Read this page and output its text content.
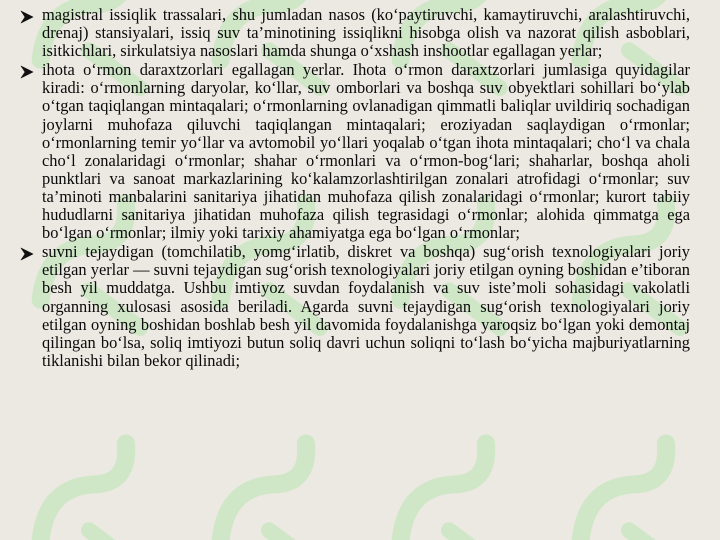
magistral issiqlik trassalari, shu jumladan nasos (ko‘paytiruvchi, kamaytiruvchi, aralashtiruvchi, drenaj) stansiyalari, issiq suv ta’minotining issiqlikni hisobga olish va nazorat qilish asboblari, isitkichlari, sirkulatsiya nasoslari hamda shunga o‘xshash inshootlar egallagan yerlar;
ihota o‘rmon daraxtzorlari egallagan yerlar. Ihota o‘rmon daraxtzorlari jumlasiga quyidagilar kiradi: o‘rmonlarning daryolar, ko‘llar, suv omborlari va boshqa suv obyektlari sohillari bo‘ylab o‘tgan taqiqlangan mintaqalari; o‘rmonlarning ovlanadigan qimmatli baliqlar uvildiriq sochadigan joylarni muhofaza qiluvchi taqiqlangan mintaqalari; eroziyadan saqlaydigan o‘rmonlar; o‘rmonlarning temir yo‘llar va avtomobil yo‘llari yoqalab o‘tgan ihota mintaqalari; cho‘l va chala cho‘l zonalaridagi o‘rmonlar; shahar o‘rmonlari va o‘rmon-bog‘lari; shaharlar, boshqa aholi punktlari va sanoat markazlarining ko‘kalamzorlashtirilgan zonalari atrofidagi o‘rmonlar; suv ta’minoti manbalarini sanitariya jihatidan muhofaza qilish zonalaridagi o‘rmonlar; kurort tabiiy hududlarni sanitariya jihatidan muhofaza qilish tegrasidagi o‘rmonlar; alohida qimmatga ega bo‘lgan o‘rmonlar; ilmiy yoki tarixiy ahamiyatga ega bo‘lgan o‘rmonlar;
suvni tejaydigan (tomchilatib, yomg‘irlatib, diskret va boshqa) sug‘orish texnologiyalari joriy etilgan yerlar — suvni tejaydigan sug‘orish texnologiyalari joriy etilgan oyning boshidan e’tiboran besh yil muddatga. Ushbu imtiyoz suvdan foydalanish va suv iste’moli sohasidagi vakolatli organning xulosasi asosida beriladi. Agarda suvni tejaydigan sug‘orish texnologiyalari joriy etilgan oyning boshidan boshlab besh yil davomida foydalanishga yaroqsiz bo‘lgan yoki demontaj qilingan bo‘lsa, soliq imtiyozi butun soliq davri uchun soliqni to‘lash bo‘yicha majburiyatlarning tiklanishi bilan bekor qilinadi;
